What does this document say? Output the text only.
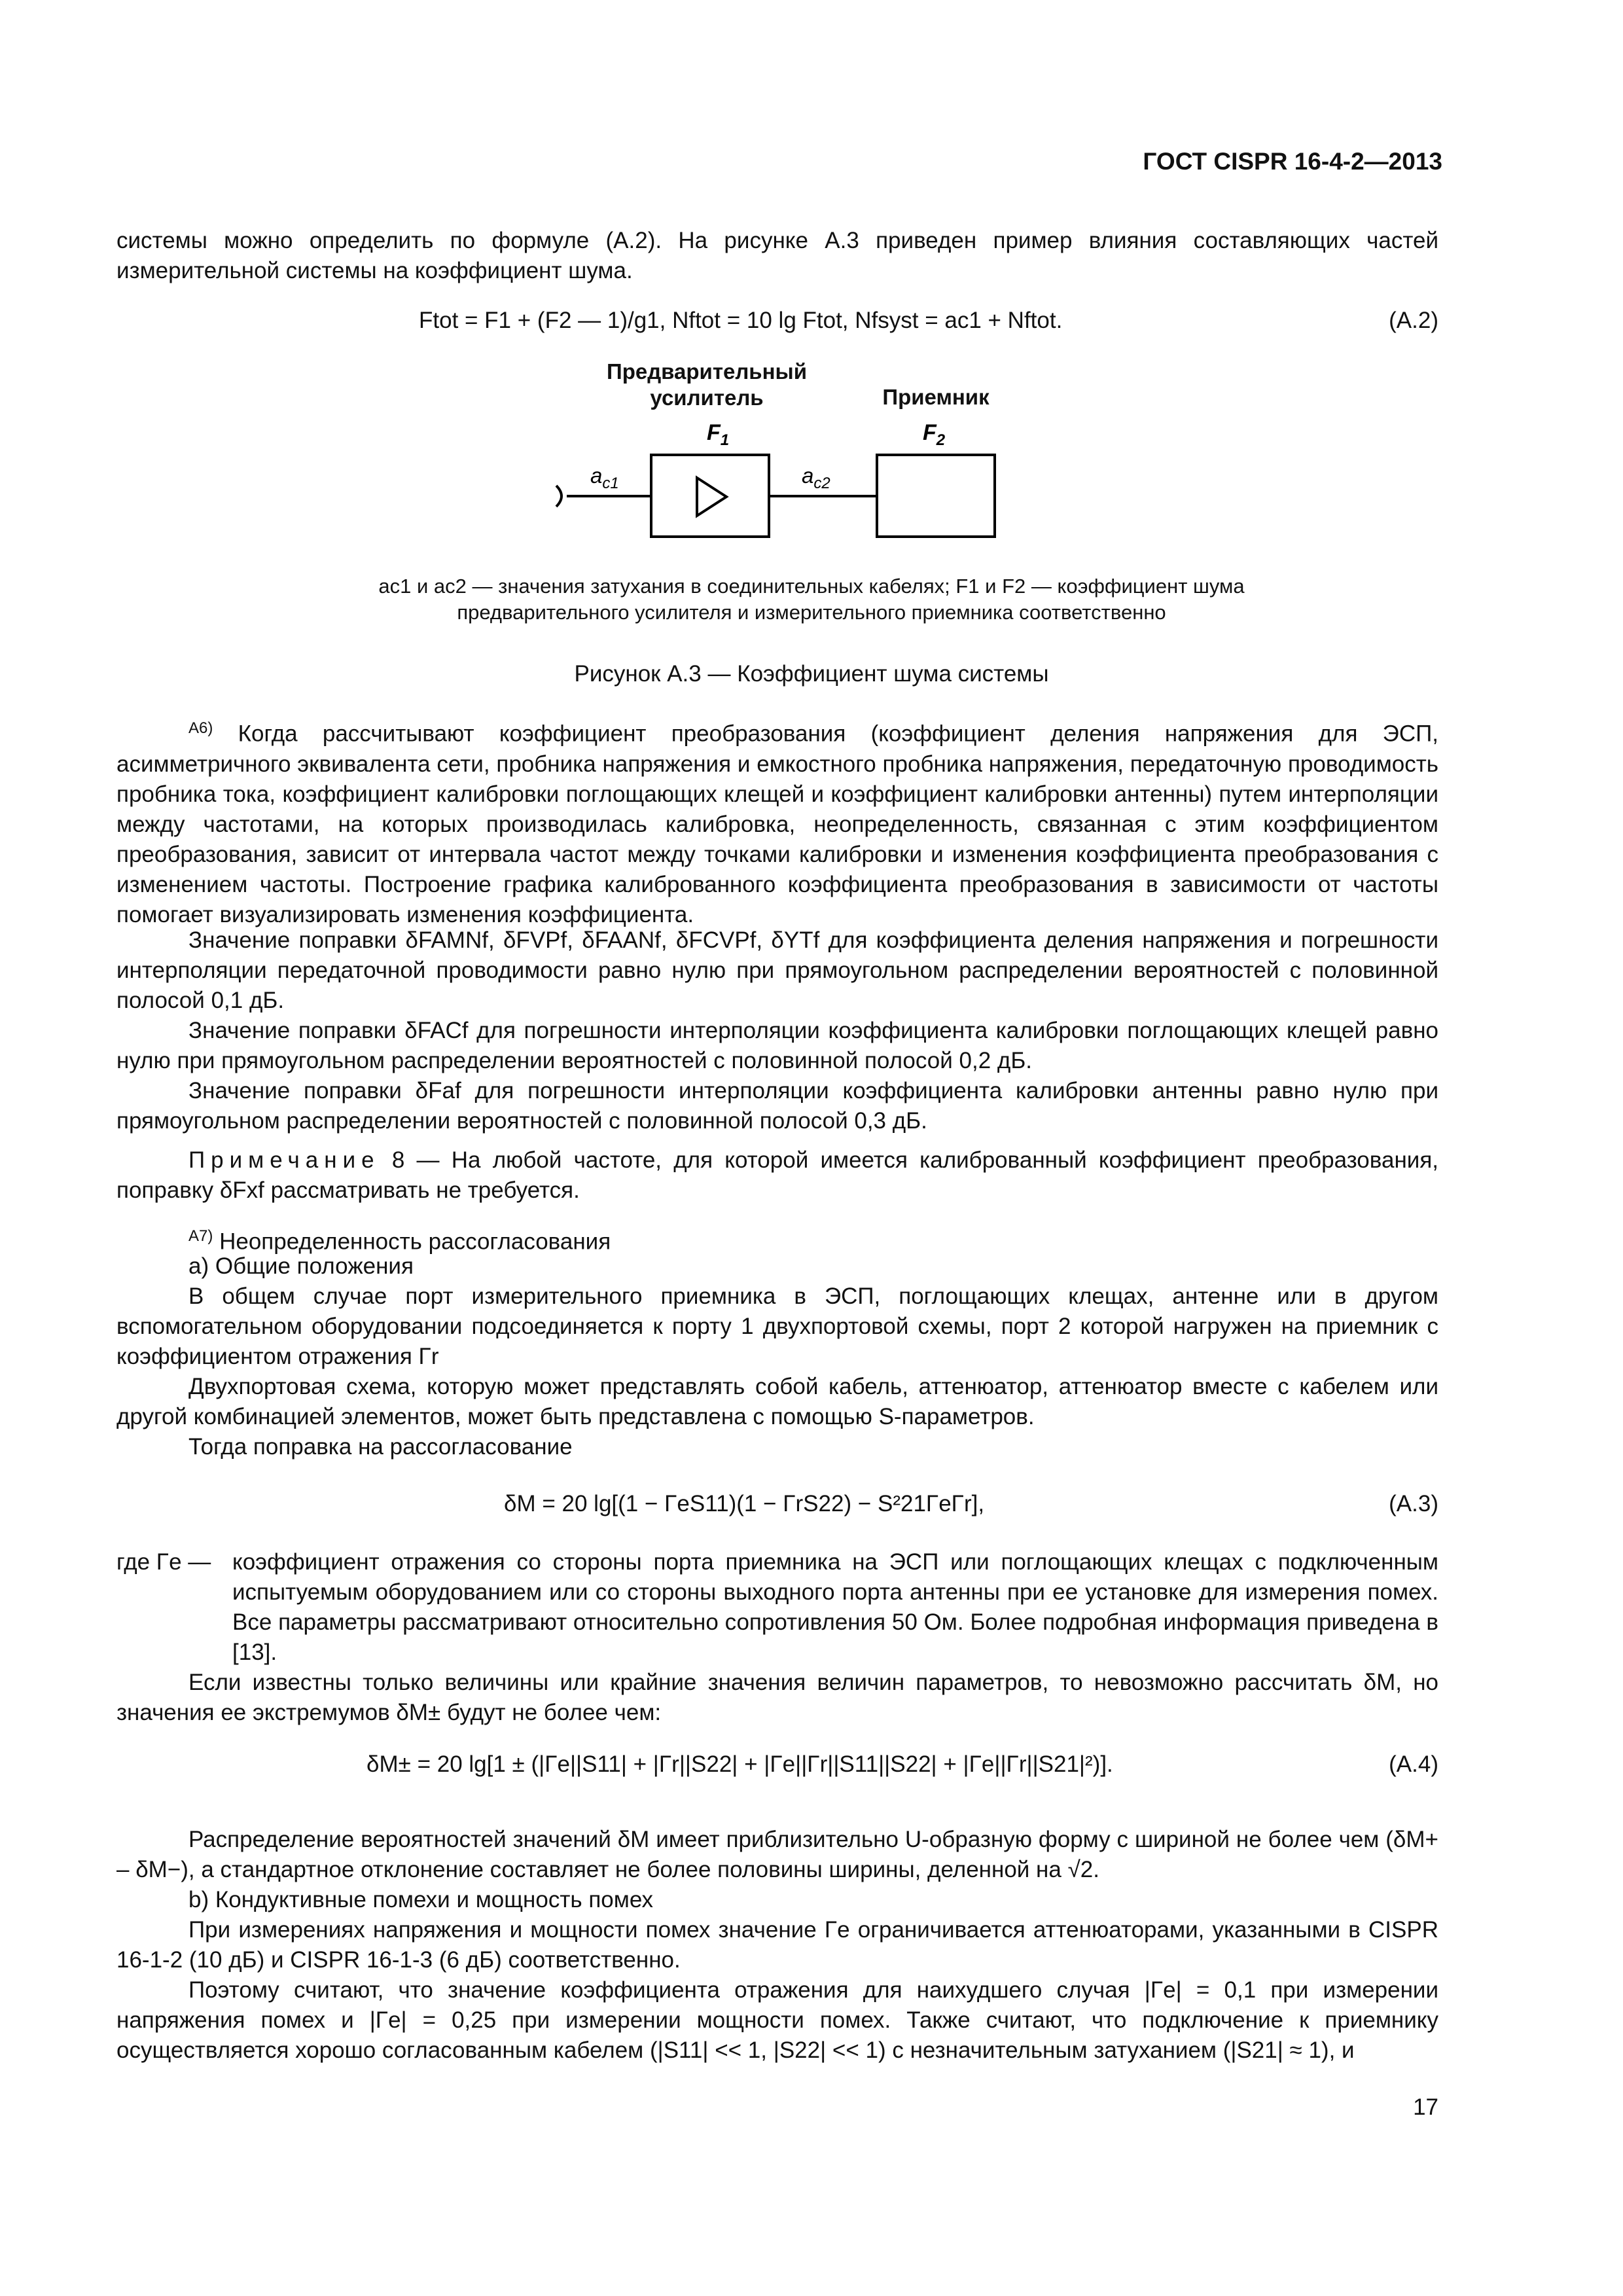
ГОСТ CISPR 16-4-2—2013
системы можно определить по формуле (А.2). На рисунке А.3 приведен пример влияния составляющих частей измерительной системы на коэффициент шума.
Ftot = F1 + (F2 — 1)/g1, Nftot = 10 lg Ftot, Nfsyst = ac1 + Nftot.	(А.2)
Предварительный
усилитель	Приемник
$F_1$	$F_2$
$a_{c1}$	$a_{c2}$
ac1 и ac2 — значения затухания в соединительных кабелях; F1 и F2 — коэффициент шума
предварительного усилителя и измерительного приемника соответственно
Рисунок А.3 — Коэффициент шума системы
$^{А6)}$ Когда рассчитывают коэффициент преобразования (коэффициент деления напряжения для ЭСП, асимметричного эквивалента сети, пробника напряжения и емкостного пробника напряжения, передаточную проводимость пробника тока, коэффициент калибровки поглощающих клещей и коэффициент калибровки антенны) путем интерполяции между частотами, на которых производилась калибровка, неопределенность, связанная с этим коэффициентом преобразования, зависит от интервала частот между точками калибровки и изменения коэффициента преобразования с изменением частоты. Построение графика калиброванного коэффициента преобразования в зависимости от частоты помогает визуализировать изменения коэффициента.
Значение поправки δFAMNf, δFVPf, δFAANf, δFCVPf, δYTf для коэффициента деления напряжения и погрешности интерполяции передаточной проводимости равно нулю при прямоугольном распределении вероятностей с половинной полосой 0,1 дБ.
Значение поправки δFACf для погрешности интерполяции коэффициента калибровки поглощающих клещей равно нулю при прямоугольном распределении вероятностей с половинной полосой 0,2 дБ.
Значение поправки δFaf для погрешности интерполяции коэффициента калибровки антенны равно нулю при прямоугольном распределении вероятностей с половинной полосой 0,3 дБ.
Примечание 8 — На любой частоте, для которой имеется калиброванный коэффициент преобразования, поправку δFxf рассматривать не требуется.
$^{А7)}$ Неопределенность рассогласования
а) Общие положения
В общем случае порт измерительного приемника в ЭСП, поглощающих клещах, антенне или в другом вспомогательном оборудовании подсоединяется к порту 1 двухпортовой схемы, порт 2 которой нагружен на приемник с коэффициентом отражения Γr
Двухпортовая схема, которую может представлять собой кабель, аттенюатор, аттенюатор вместе с кабелем или другой комбинацией элементов, может быть представлена с помощью S-параметров.
Тогда поправка на рассогласование
δM = 20 lg[(1 − ΓeS11)(1 − ΓrS22) − S²21ΓeΓr],	(А.3)
где Γe — коэффициент отражения со стороны порта приемника на ЭСП или поглощающих клещах с подключенным испытуемым оборудованием или со стороны выходного порта антенны при ее установке для измерения помех. Все параметры рассматривают относительно сопротивления 50 Ом. Более подробная информация приведена в [13].
Если известны только величины или крайние значения величин параметров, то невозможно рассчитать δM, но значения ее экстремумов δM± будут не более чем:
δM± = 20 lg[1 ± (|Γe||S11| + |Γr||S22| + |Γe||Γr||S11||S22| + |Γe||Γr||S21|²)].	(А.4)
Распределение вероятностей значений δM имеет приблизительно U-образную форму с шириной не более чем (δM+ – δM−), а стандартное отклонение составляет не более половины ширины, деленной на √2.
b) Кондуктивные помехи и мощность помех
При измерениях напряжения и мощности помех значение Γe ограничивается аттенюаторами, указанными в CISPR 16-1-2 (10 дБ) и CISPR 16-1-3 (6 дБ) соответственно.
Поэтому считают, что значение коэффициента отражения для наихудшего случая |Γe| = 0,1 при измерении напряжения помех и |Γe| = 0,25 при измерении мощности помех. Также считают, что подключение к приемнику осуществляется хорошо согласованным кабелем (|S11| << 1, |S22| << 1) с незначительным затуханием (|S21| ≈ 1), и
17
